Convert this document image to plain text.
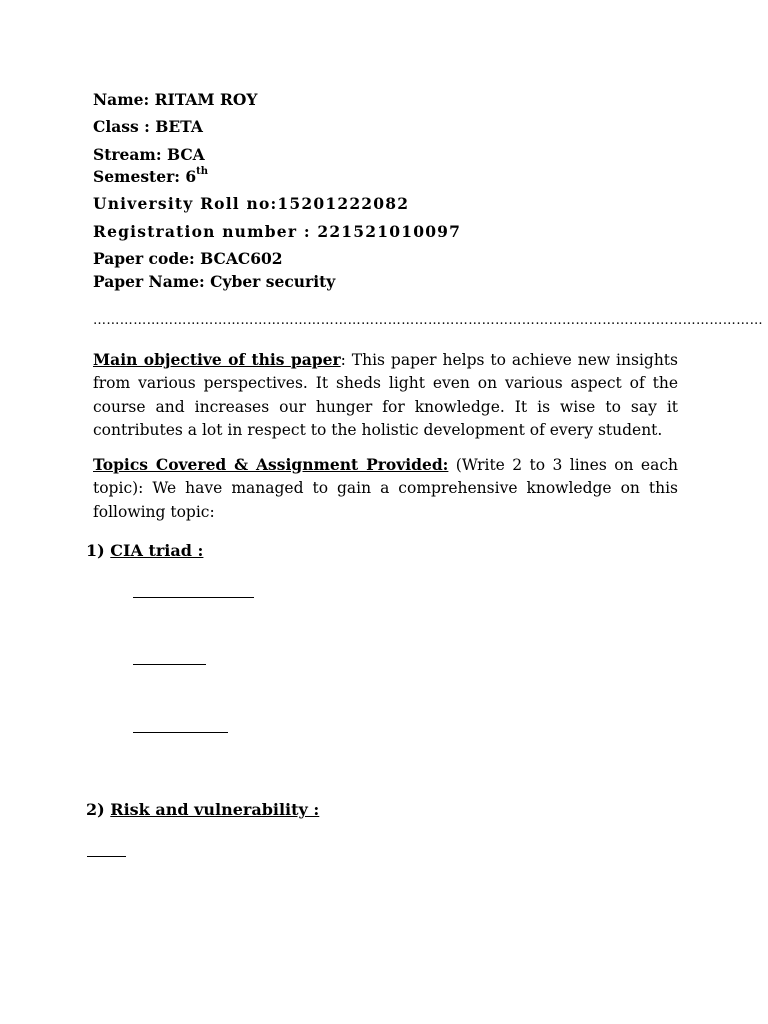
Name: RITAM ROY
Class : BETA
Stream: BCA
Semester: 6th
University Roll no:15201222082
Registration number : 221521010097
Paper code: BCAC602
Paper Name: Cyber security
……………………………………………………………………………………………………………………………………
Main objective of this paper: This paper helps to achieve new insights from various perspectives. It sheds light even on various aspect of the course and increases our hunger for knowledge. It is wise to say it contributes a lot in respect to the holistic development of every student.
Topics Covered & Assignment Provided: (Write 2 to 3 lines on each topic): We have managed to gain a comprehensive knowledge on this following topic:
1) CIA triad :
2) Risk and vulnerability :
